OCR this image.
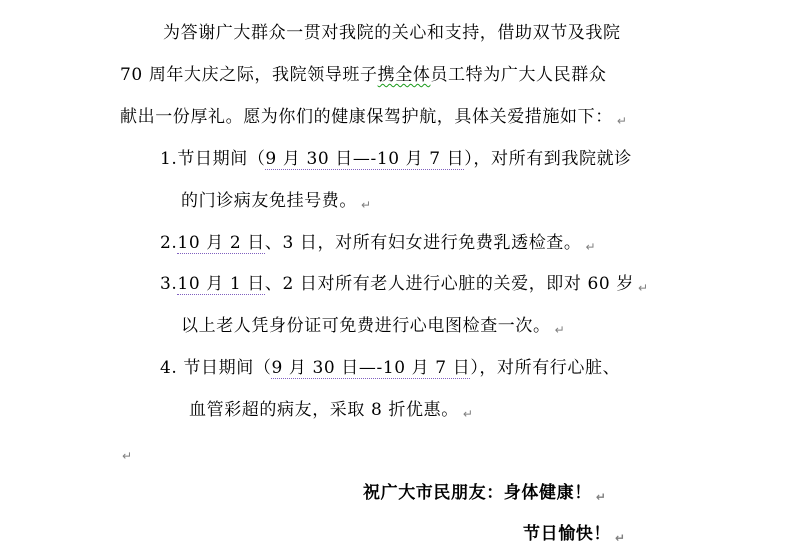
为答谢广大群众一贯对我院的关心和支持，借助双节及我院
70 周年大庆之际，我院领导班子携全体员工特为广大人民群众
献出一份厚礼。愿为你们的健康保驾护航，具体关爱措施如下： ↵
1.节日期间（9 月 30 日—-10 月 7 日），对所有到我院就诊
的门诊病友免挂号费。 ↵
2.10 月 2 日、3 日，对所有妇女进行免费乳透检查。 ↵
3.10 月 1 日、2 日对所有老人进行心脏的关爱，即对 60 岁 ↵
以上老人凭身份证可免费进行心电图检查一次。 ↵
4. 节日期间（9 月 30 日—-10 月 7 日），对所有行心脏、
血管彩超的病友，采取 8 折优惠。 ↵
↵
祝广大市民朋友：身体健康！ ↵
节日愉快！ ↵
